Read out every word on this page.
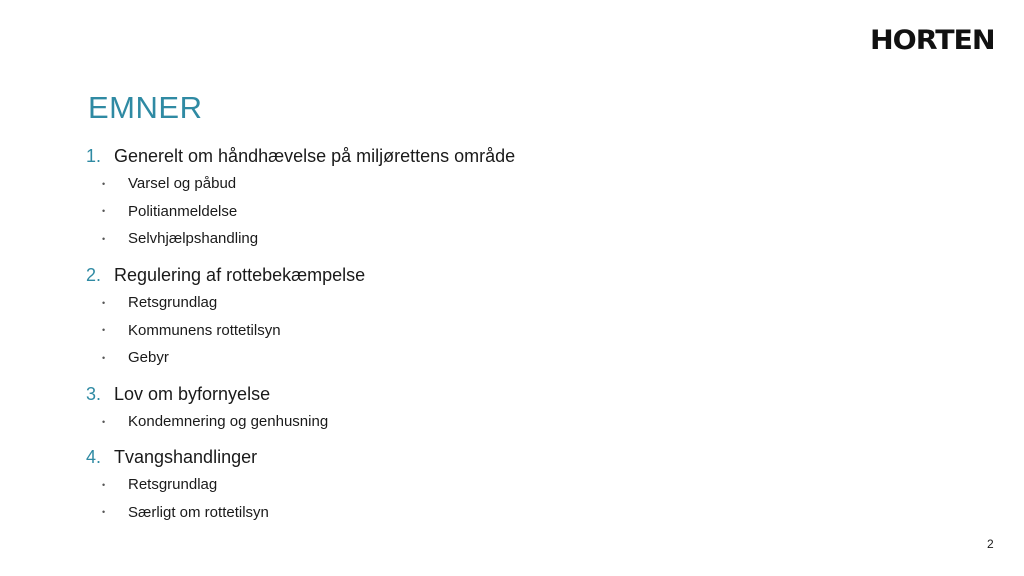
HORTEN
EMNER
1. Generelt om håndhævelse på miljørettens område
•	Varsel og påbud
•	Politianmeldelse
•	Selvhjælpshandling
2. Regulering af rottebekæmpelse
•	Retsgrundlag
•	Kommunens rottetilsyn
•	Gebyr
3. Lov om byfornyelse
•	Kondemnering og genhusning
4. Tvangshandlinger
•	Retsgrundlag
•	Særligt om rottetilsyn
2
